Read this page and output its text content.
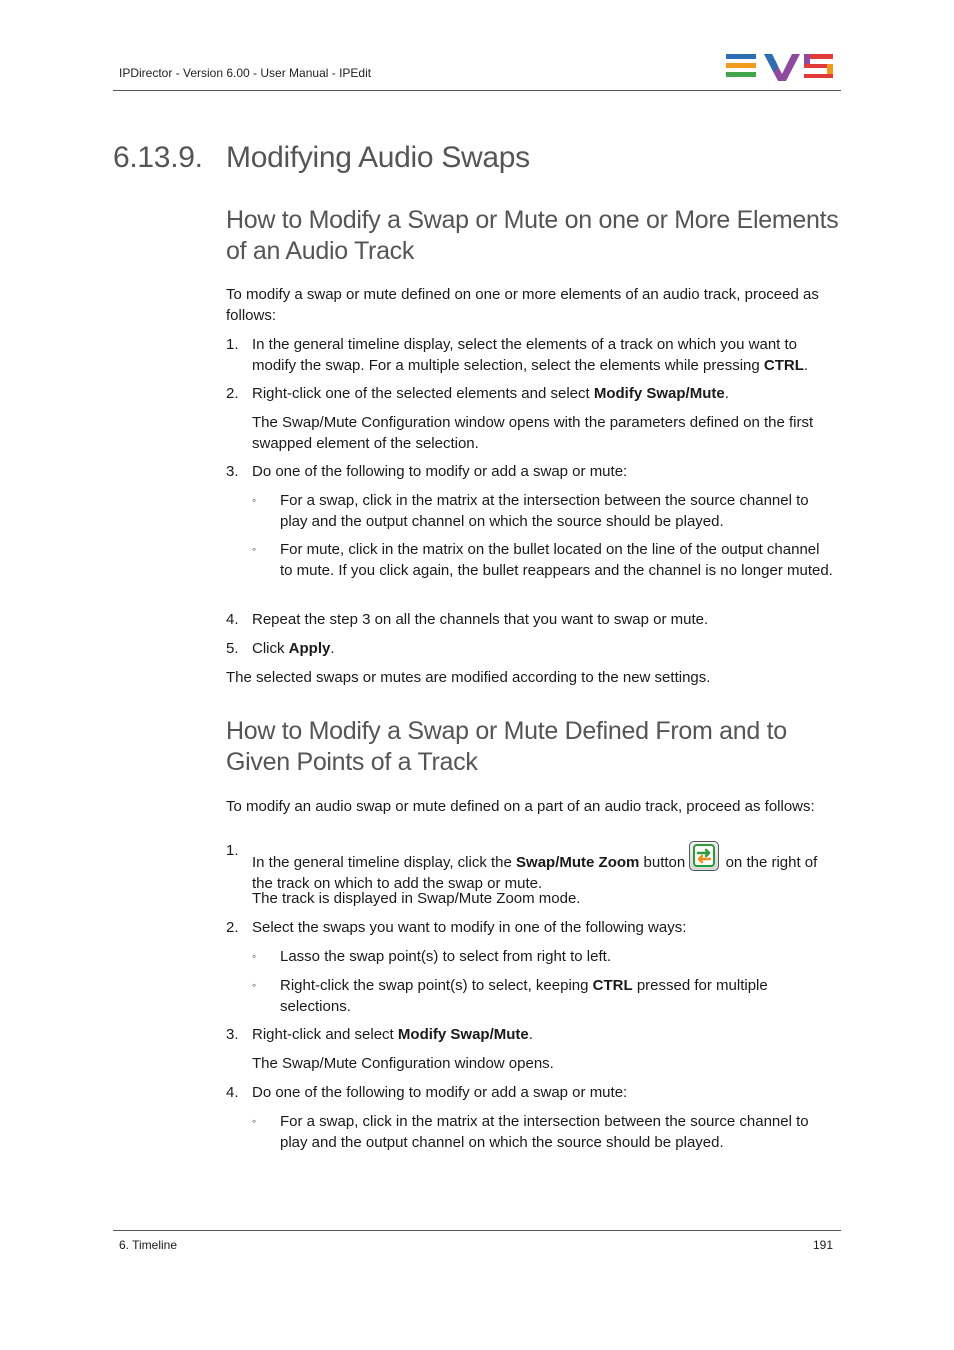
IPDirector - Version 6.00 - User Manual - IPEdit
6.13.9. Modifying Audio Swaps
How to Modify a Swap or Mute on one or More Elements of an Audio Track
To modify a swap or mute defined on one or more elements of an audio track, proceed as follows:
1. In the general timeline display, select the elements of a track on which you want to modify the swap. For a multiple selection, select the elements while pressing CTRL.
2. Right-click one of the selected elements and select Modify Swap/Mute.
The Swap/Mute Configuration window opens with the parameters defined on the first swapped element of the selection.
3. Do one of the following to modify or add a swap or mute:
◦ For a swap, click in the matrix at the intersection between the source channel to play and the output channel on which the source should be played.
◦ For mute, click in the matrix on the bullet located on the line of the output channel to mute. If you click again, the bullet reappears and the channel is no longer muted.
4. Repeat the step 3 on all the channels that you want to swap or mute.
5. Click Apply.
The selected swaps or mutes are modified according to the new settings.
How to Modify a Swap or Mute Defined From and to Given Points of a Track
To modify an audio swap or mute defined on a part of an audio track, proceed as follows:
1.
In the general timeline display, click the Swap/Mute Zoom button
on the right of the track on which to add the swap or mute.
The track is displayed in Swap/Mute Zoom mode.
2. Select the swaps you want to modify in one of the following ways:
◦ Lasso the swap point(s) to select from right to left.
◦ Right-click the swap point(s) to select, keeping CTRL pressed for multiple selections.
3. Right-click and select Modify Swap/Mute.
The Swap/Mute Configuration window opens.
4. Do one of the following to modify or add a swap or mute:
◦ For a swap, click in the matrix at the intersection between the source channel to play and the output channel on which the source should be played.
6. Timeline	191
